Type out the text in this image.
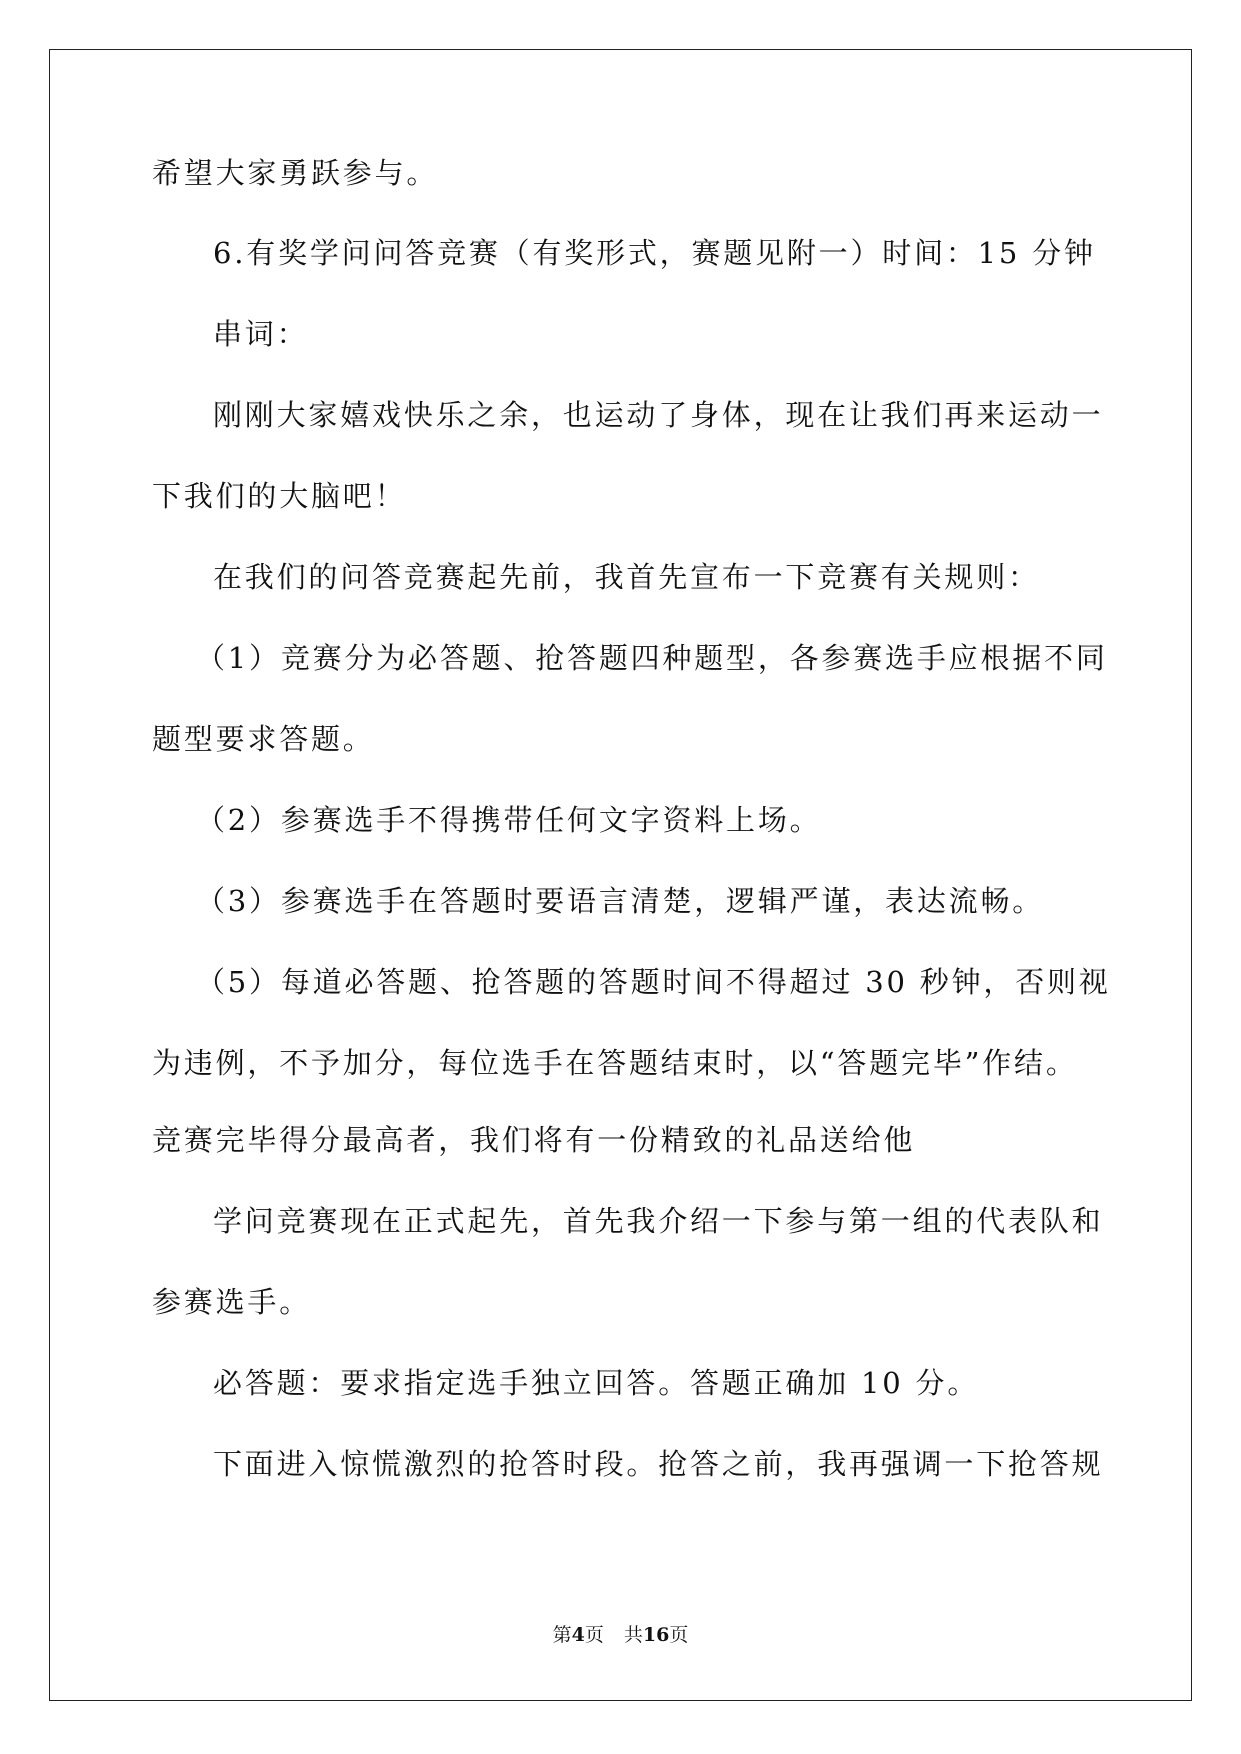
希望大家勇跃参与。
6.有奖学问问答竞赛（有奖形式，赛题见附一）时间：15 分钟
串词：
刚刚大家嬉戏快乐之余，也运动了身体，现在让我们再来运动一
下我们的大脑吧！
在我们的问答竞赛起先前，我首先宣布一下竞赛有关规则：
（1）竞赛分为必答题、抢答题四种题型，各参赛选手应根据不同
题型要求答题。
（2）参赛选手不得携带任何文字资料上场。
（3）参赛选手在答题时要语言清楚，逻辑严谨，表达流畅。
（5）每道必答题、抢答题的答题时间不得超过 30 秒钟，否则视
为违例，不予加分，每位选手在答题结束时，以“答题完毕”作结。
竞赛完毕得分最高者，我们将有一份精致的礼品送给他
学问竞赛现在正式起先，首先我介绍一下参与第一组的代表队和
参赛选手。
必答题：要求指定选手独立回答。答题正确加 10 分。
下面进入惊慌激烈的抢答时段。抢答之前，我再强调一下抢答规
第4页 共16页
